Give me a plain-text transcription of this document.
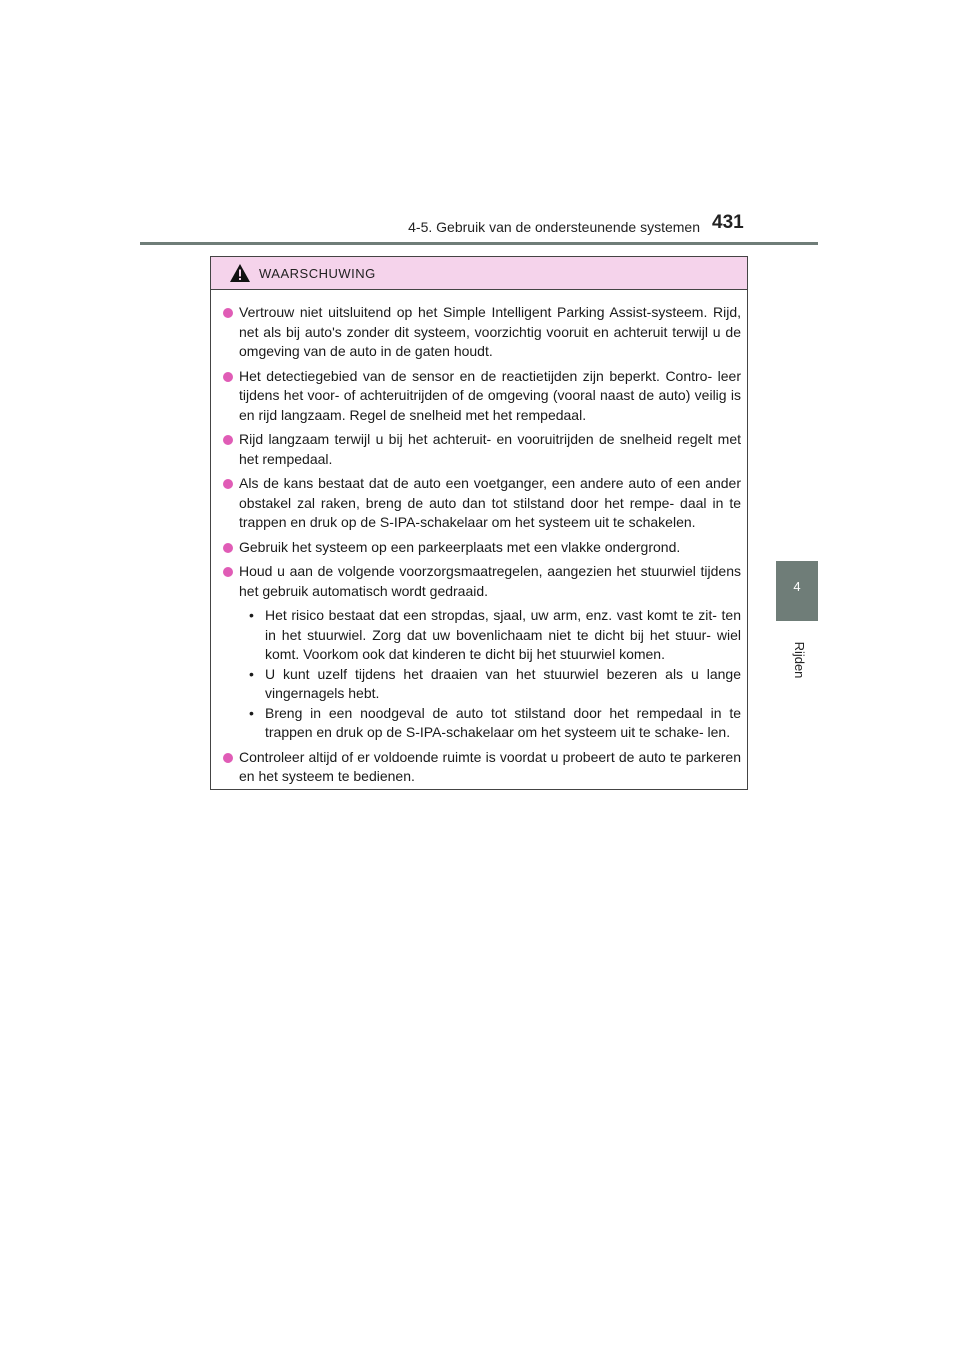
4-5. Gebruik van de ondersteunende systemen 431
4
Rijden
WAARSCHUWING
Vertrouw niet uitsluitend op het Simple Intelligent Parking Assist-systeem. Rijd, net als bij auto's zonder dit systeem, voorzichtig vooruit en achteruit terwijl u de omgeving van de auto in de gaten houdt.
Het detectiegebied van de sensor en de reactietijden zijn beperkt. Contro- leer tijdens het voor- of achteruitrijden of de omgeving (vooral naast de auto) veilig is en rijd langzaam. Regel de snelheid met het rempedaal.
Rijd langzaam terwijl u bij het achteruit- en vooruitrijden de snelheid regelt met het rempedaal.
Als de kans bestaat dat de auto een voetganger, een andere auto of een ander obstakel zal raken, breng de auto dan tot stilstand door het rempe- daal in te trappen en druk op de S-IPA-schakelaar om het systeem uit te schakelen.
Gebruik het systeem op een parkeerplaats met een vlakke ondergrond.
Houd u aan de volgende voorzorgsmaatregelen, aangezien het stuurwiel tijdens het gebruik automatisch wordt gedraaid.
• Het risico bestaat dat een stropdas, sjaal, uw arm, enz. vast komt te zit- ten in het stuurwiel. Zorg dat uw bovenlichaam niet te dicht bij het stuur- wiel komt. Voorkom ook dat kinderen te dicht bij het stuurwiel komen.
• U kunt uzelf tijdens het draaien van het stuurwiel bezeren als u lange vingernagels hebt.
• Breng in een noodgeval de auto tot stilstand door het rempedaal in te trappen en druk op de S-IPA-schakelaar om het systeem uit te schake- len.
Controleer altijd of er voldoende ruimte is voordat u probeert de auto te parkeren en het systeem te bedienen.
